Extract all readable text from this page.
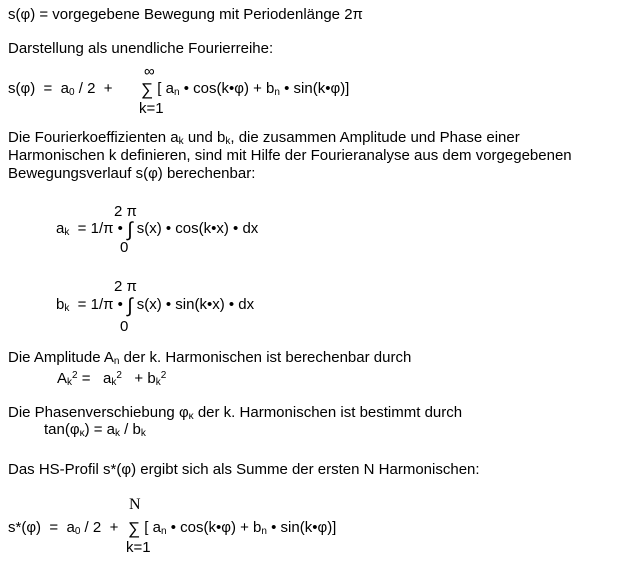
s(φ) = vorgegebene Bewegung mit Periodenlänge 2π
Darstellung als unendliche Fourierreihe:
∞
s(φ)  =  a0 / 2  + ∑ [ an • cos(k•φ) + bn • sin(k•φ)]
k=1
Die Fourierkoeffizienten ak und bk, die zusammen Amplitude und Phase einer
Harmonischen k definieren, sind mit Hilfe der Fourieranalyse aus dem vorgegebenen
Bewegungsverlauf s(φ) berechenbar:
2 π
ak  = 1/π • ∫ s(x) • cos(k•x) • dx
0
2 π
bk  = 1/π • ∫ s(x) • sin(k•x) • dx
0
Die Amplitude An der k. Harmonischen ist berechenbar durch
$Ak^2 = ak^2 + bk^2$
Die Phasenverschiebung φκ der k. Harmonischen ist bestimmt durch
tan(φκ) = ak / bk
Das HS-Profil s*(φ) ergibt sich als Summe der ersten N Harmonischen:
N
s*(φ)  =  a0 / 2  + ∑ [ an • cos(k•φ) + bn • sin(k•φ)]
k=1
